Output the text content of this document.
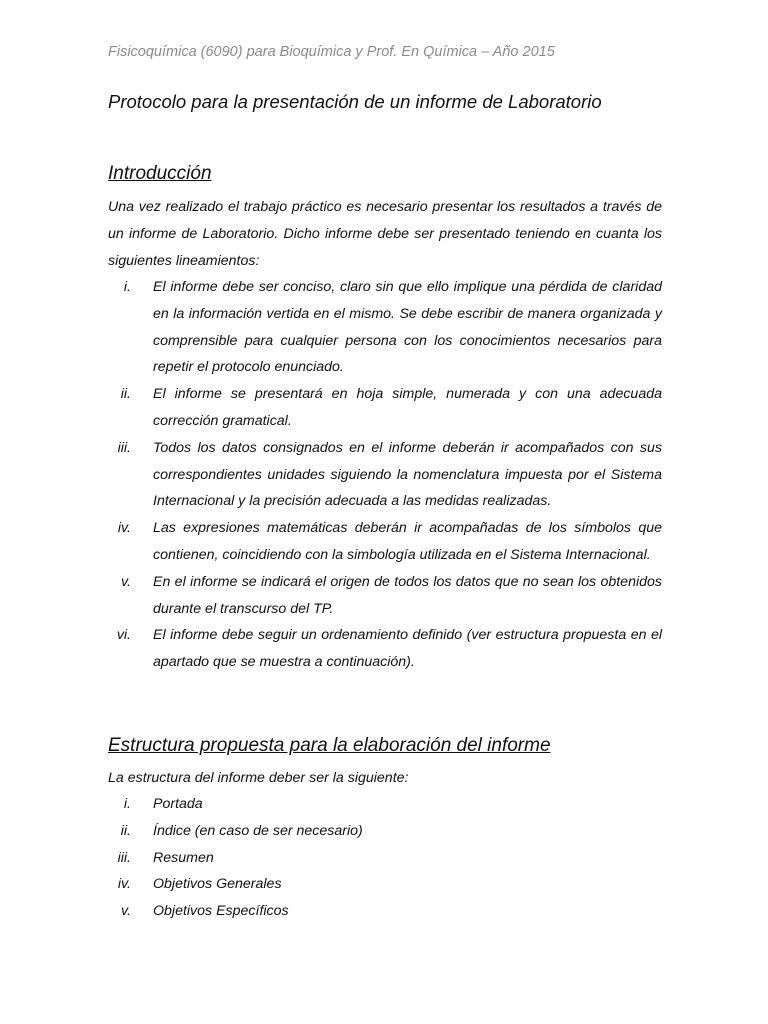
Fisicoquímica (6090) para Bioquímica y Prof. En Química – Año 2015
Protocolo para la presentación de un informe de Laboratorio
Introducción

Una vez realizado el trabajo práctico es necesario presentar los resultados a través de un informe de Laboratorio. Dicho informe debe ser presentado teniendo en cuanta los siguientes lineamientos:

i. El informe debe ser conciso, claro sin que ello implique una pérdida de claridad en la información vertida en el mismo. Se debe escribir de manera organizada y comprensible para cualquier persona con los conocimientos necesarios para repetir el protocolo enunciado.
ii. El informe se presentará en hoja simple, numerada y con una adecuada corrección gramatical.
iii. Todos los datos consignados en el informe deberán ir acompañados con sus correspondientes unidades siguiendo la nomenclatura impuesta por el Sistema Internacional y la precisión adecuada a las medidas realizadas.
iv. Las expresiones matemáticas deberán ir acompañadas de los símbolos que contienen, coincidiendo con la simbología utilizada en el Sistema Internacional.
v. En el informe se indicará el origen de todos los datos que no sean los obtenidos durante el transcurso del TP.
vi. El informe debe seguir un ordenamiento definido (ver estructura propuesta en el apartado que se muestra a continuación).
Estructura propuesta para la elaboración del informe

La estructura del informe deber ser la siguiente:

i. Portada
ii. Índice (en caso de ser necesario)
iii. Resumen
iv. Objetivos Generales
v. Objetivos Específicos
